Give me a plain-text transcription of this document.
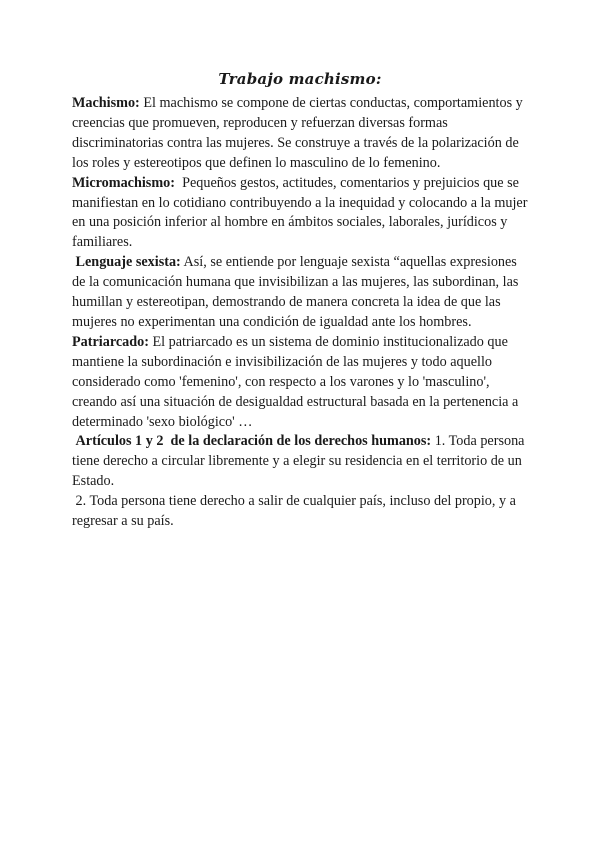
Trabajo machismo:

Machismo: El machismo se compone de ciertas conductas, comportamientos y creencias que promueven, reproducen y refuerzan diversas formas discriminatorias contra las mujeres. Se construye a través de la polarización de los roles y estereotipos que definen lo masculino de lo femenino.

Micromachismo:  Pequeños gestos, actitudes, comentarios y prejuicios que se manifiestan en lo cotidiano contribuyendo a la inequidad y colocando a la mujer en una posición inferior al hombre en ámbitos sociales, laborales, jurídicos y familiares.

Lenguaje sexista: Así, se entiende por lenguaje sexista “aquellas expresiones de la comunicación humana que invisibilizan a las mujeres, las subordinan, las humillan y estereotipan, demostrando de manera concreta la idea de que las mujeres no experimentan una condición de igualdad ante los hombres.

Patriarcado: El patriarcado es un sistema de dominio institucionalizado que mantiene la subordinación e invisibilización de las mujeres y todo aquello considerado como 'femenino', con respecto a los varones y lo 'masculino', creando así una situación de desigualdad estructural basada en la pertenencia a determinado 'sexo biológico' …

Artículos 1 y 2  de la declaración de los derechos humanos: 1. Toda persona tiene derecho a circular libremente y a elegir su residencia en el territorio de un Estado.

2. Toda persona tiene derecho a salir de cualquier país, incluso del propio, y a regresar a su país.
